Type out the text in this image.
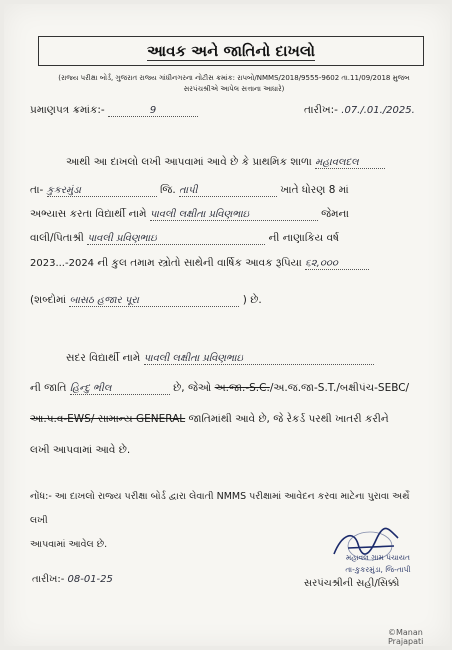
આવક અને જાતિનો દાખલો
(રાજ્ય પરીક્ષા બોર્ડ, ગુજરાત રાજ્ય ગાંધીનગરના નોટીસ ક્રમાંક: રાપબો/NMMS/2018/9555-9602 તા.11/09/2018 મુજબ
સરપંચશ્રીએ આપેલ સત્તાના આધારે)
પ્રમાણપત્ર ક્રમાંક:-	9	તારીખ:- .07./.01./2025.
આથી આ દાખલો લખી આપવામાં આવે છે કે પ્રાથમિક શાળા મહાવલદલ
તા- કુકરમુંડા	જિ. તાપી	ખાતે ધોરણ 8 માં
અભ્યાસ કરતા વિદ્યાર્થી નામે પાવલી લક્ષીતા પ્રવિણભાઇ	જેમના
વાલી/પિતાશ્રી પાવલી પ્રવિણભાઇ	ની નાણાકિય વર્ષ
2023...-2024 ની કુલ તમામ સ્ત્રોતો સાથેની વાર્ષિક આવક રૂપિયા ૬૨,૦૦૦
(શબ્દોમાં બાસઠ હજાર પૂરા	) છે.
સદર વિદ્યાર્થી નામે પાવલી લક્ષીતા પ્રવિણભાઇ
ની જાતિ હિન્દુ ભીલ	છે, જેઓ અ.જા.-S.C./અ.જ.જા-S.T./બક્ષીપંચ-SEBC/
આ.પ.વ-EWS/ સામાન્ય GENERAL જાતિમાંથી આવે છે, જે રેકર્ડ પરથી ખાતરી કરીને
લખી આપવામાં આવે છે.
નોંધ:- આ દાખલો રાજ્ય પરીક્ષા બોર્ડ દ્વારા લેવાતી NMMS પરીક્ષામાં આવેદન કરવા માટેના પુરાવા અર્થે લખી
આપવામાં આવેલ છે.
મહાવલ ગ્રામ પંચાયત
તા-કુકરમુંડા, જિ-તાપી
સરપંચશ્રીની સહી/સિક્કો
તારીખ:- 08-01-25
©Manan Prajapati
